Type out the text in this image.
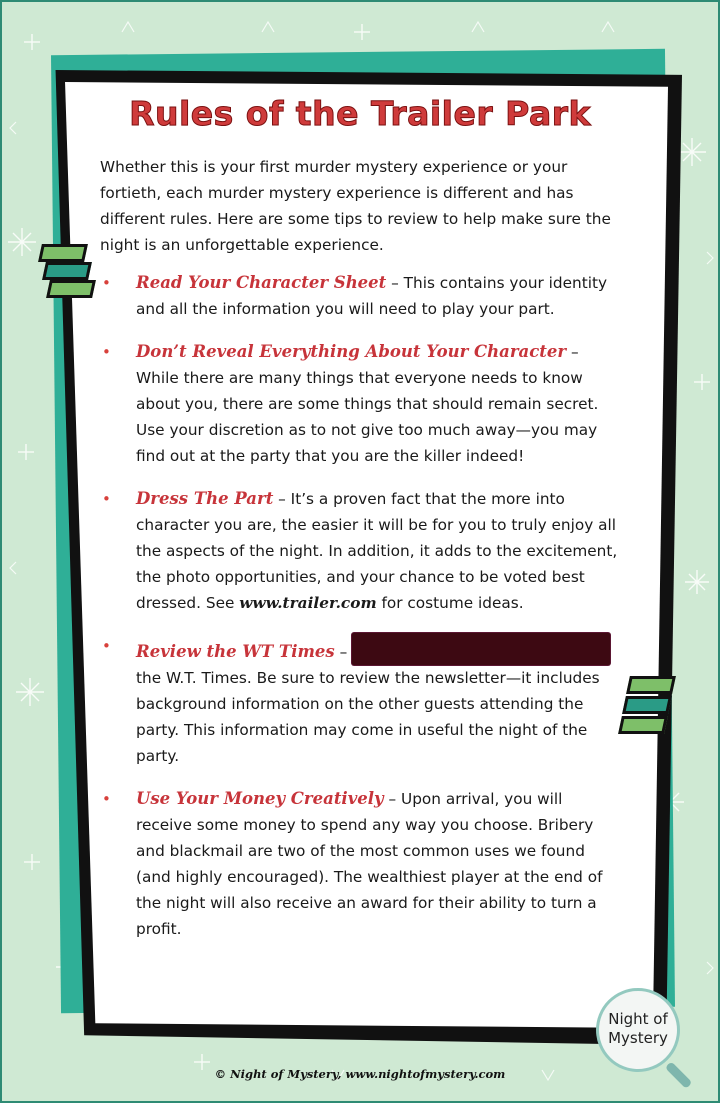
Rules of the Trailer Park

Whether this is your first murder mystery experience or your fortieth, each murder mystery experience is different and has different rules. Here are some tips to review to help make sure the night is an unforgettable experience.

• Read Your Character Sheet – This contains your identity and all the information you will need to play your part.
• Don’t Reveal Everything About Your Character – While there are many things that everyone needs to know about you, there are some things that should remain secret. Use your discretion as to not give too much away—you may find out at the party that you are the killer indeed!
• Dress The Part – It’s a proven fact that the more into character you are, the easier it will be for you to truly enjoy all the aspects of the night. In addition, it adds to the excitement, the photo opportunities, and your chance to be voted best dressed. See www.trailer.com for costume ideas.
• Review the WT Times –  the W.T. Times. Be sure to review the newsletter—it includes background information on the other guests attending the party. This information may come in useful the night of the party.
• Use Your Money Creatively – Upon arrival, you will receive some money to spend any way you choose. Bribery and blackmail are two of the most common uses we found (and highly encouraged). The wealthiest player at the end of the night will also receive an award for their ability to turn a profit.
Night of
Mystery
© Night of Mystery, www.nightofmystery.com
